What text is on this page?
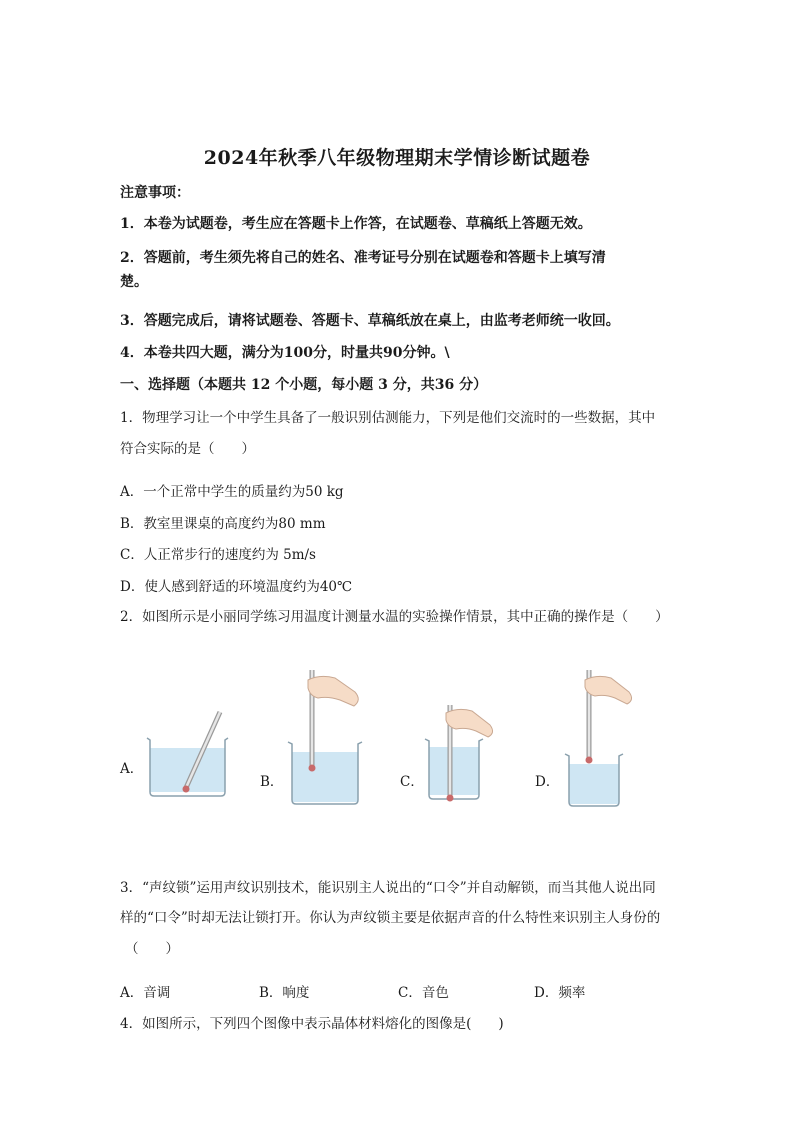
2024年秋季八年级物理期末学情诊断试题卷
注意事项：
1．本卷为试题卷，考生应在答题卡上作答，在试题卷、草稿纸上答题无效。
2．答题前，考生须先将自己的姓名、准考证号分别在试题卷和答题卡上填写清
楚。
3．答题完成后，请将试题卷、答题卡、草稿纸放在桌上，由监考老师统一收回。
4．本卷共四大题，满分为100分，时量共90分钟。\
一、选择题（本题共 12 个小题，每小题 3 分，共36 分）
1．物理学习让一个中学生具备了一般识别估测能力，下列是他们交流时的一些数据，其中
符合实际的是（　　）
A．一个正常中学生的质量约为50 kg
B．教室里课桌的高度约为80 mm
C．人正常步行的速度约为 5m/s
D．使人感到舒适的环境温度约为40℃
2．如图所示是小丽同学练习用温度计测量水温的实验操作情景，其中正确的操作是（　　）
A．
B．	C．	D．
3．“声纹锁”运用声纹识别技术，能识别主人说出的“口令”并自动解锁，而当其他人说出同
样的“口令”时却无法让锁打开。你认为声纹锁主要是依据声音的什么特性来识别主人身份的
（　　）
A．音调	B．响度	C．音色	D．频率
4．如图所示，下列四个图像中表示晶体材料熔化的图像是(　　)
